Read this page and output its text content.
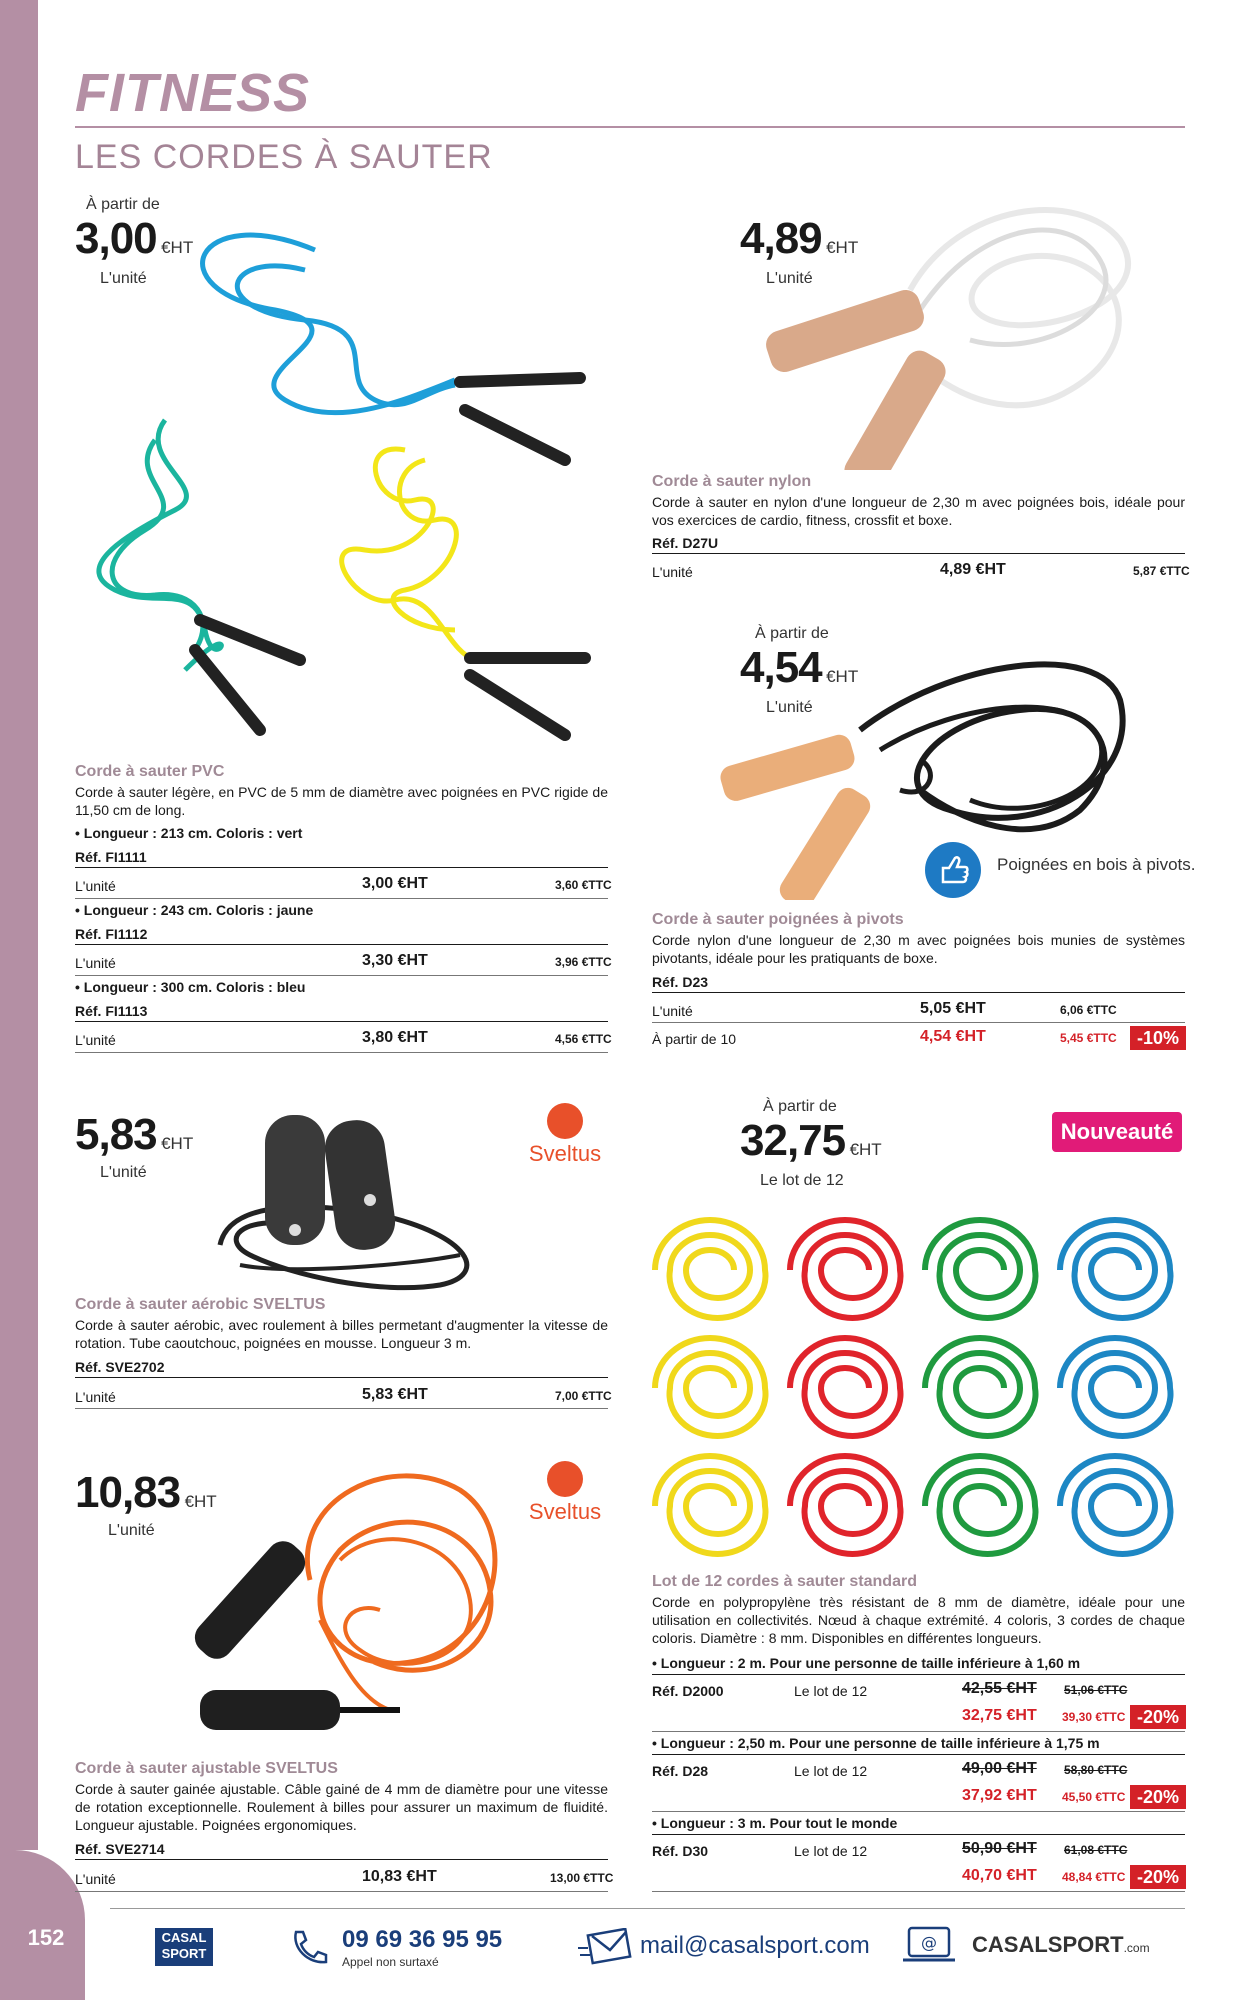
152
FITNESS
LES CORDES À SAUTER
À partir de
3,00 €HT
L'unité
Corde à sauter PVC
Corde à sauter légère, en PVC de 5 mm de diamètre avec poignées en PVC rigide de 11,50 cm de long.
• Longueur : 213 cm. Coloris : vert
Réf. FI1111
L'unité	3,00 €HT	3,60 €TTC
• Longueur : 243 cm. Coloris : jaune
Réf. FI1112
L'unité	3,30 €HT	3,96 €TTC
• Longueur : 300 cm. Coloris : bleu
Réf. FI1113
L'unité	3,80 €HT	4,56 €TTC
4,89 €HT
L'unité
Corde à sauter nylon
Corde à sauter en nylon d'une longueur de 2,30 m avec poignées bois, idéale pour vos exercices de cardio, fitness, crossfit et boxe.
Réf. D27U
L'unité	4,89 €HT	5,87 €TTC
À partir de
4,54 €HT
L'unité
Poignées en bois à pivots.
Corde à sauter poignées à pivots
Corde nylon d'une longueur de 2,30 m avec poignées bois munies de systèmes pivotants, idéale pour les pratiquants de boxe.
Réf. D23
L'unité	5,05 €HT	6,06 €TTC
À partir de 10	4,54 €HT	5,45 €TTC	-10%
5,83 €HT
L'unité
Sveltus
Corde à sauter aérobic SVELTUS
Corde à sauter aérobic, avec roulement à billes permetant d'augmenter la vitesse de rotation. Tube caoutchouc, poignées en mousse. Longueur 3 m.
Réf. SVE2702
L'unité	5,83 €HT	7,00 €TTC
10,83 €HT
L'unité
Sveltus
Corde à sauter ajustable SVELTUS
Corde à sauter gainée ajustable. Câble gainé de 4 mm de diamètre pour une vitesse de rotation exceptionnelle. Roulement à billes pour assurer un maximum de fluidité. Longueur ajustable. Poignées ergonomiques.
Réf. SVE2714
L'unité	10,83 €HT	13,00 €TTC
À partir de
32,75 €HT
Le lot de 12
Nouveauté
Lot de 12 cordes à sauter standard
Corde en polypropylène très résistant de 8 mm de diamètre, idéale pour une utilisation en collectivités. Nœud à chaque extrémité. 4 coloris, 3 cordes de chaque coloris. Diamètre : 8 mm. Disponibles en différentes longueurs.
• Longueur : 2 m. Pour une personne de taille inférieure à 1,60 m
Réf. D2000	Le lot de 12	42,55 €HT 51,06 €TTC
32,75 €HT 39,30 €TTC -20%
• Longueur : 2,50 m. Pour une personne de taille inférieure à 1,75 m
Réf. D28	Le lot de 12	49,00 €HT 58,80 €TTC
37,92 €HT 45,50 €TTC -20%
• Longueur : 3 m. Pour tout le monde
Réf. D30	Le lot de 12	50,90 €HT 61,08 €TTC
40,70 €HT 48,84 €TTC -20%
CASAL
SPORT
09 69 36 95 95
Appel non surtaxé
mail@casalsport.com	@ CASALSPORT.com
